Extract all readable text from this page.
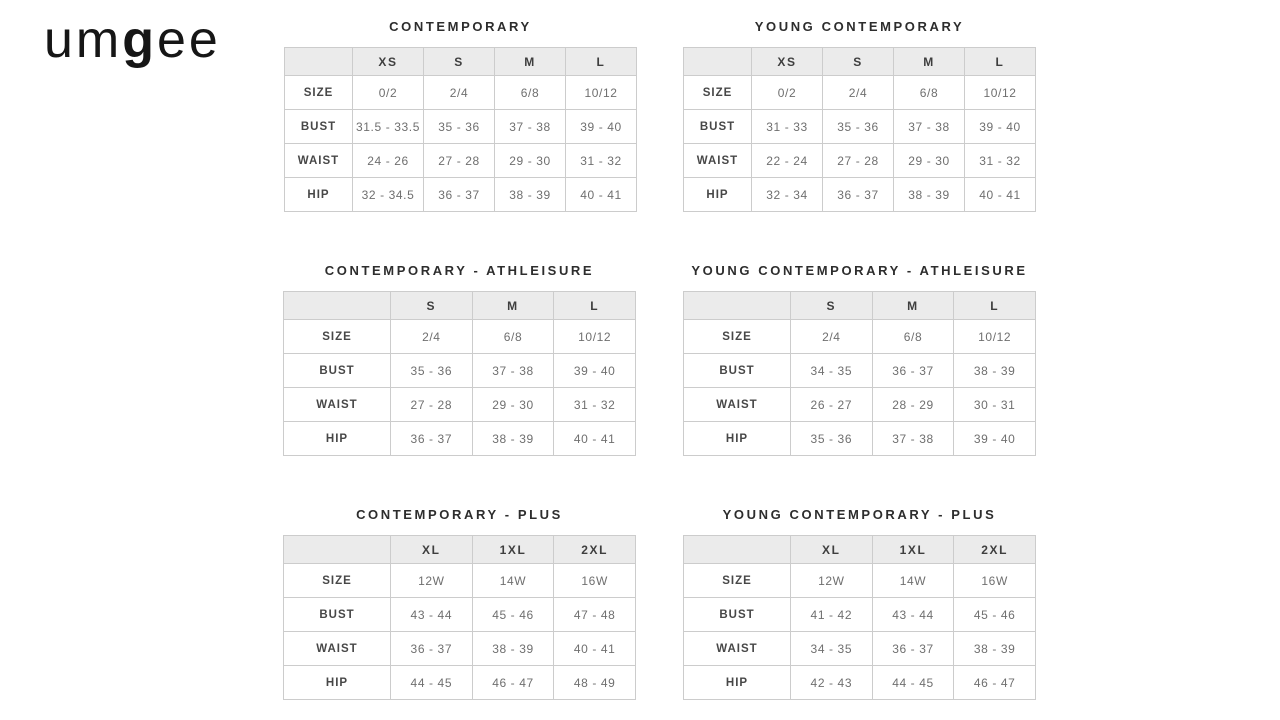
umgee	CONTEMPORARY
	XS	S	M	L
SIZE	0/2	2/4	6/8	10/12
BUST	31.5 - 33.5	35 - 36	37 - 38	39 - 40
WAIST	24 - 26	27 - 28	29 - 30	31 - 32
HIP	32 - 34.5	36 - 37	38 - 39	40 - 41
YOUNG CONTEMPORARY
	XS	S	M	L
SIZE	0/2	2/4	6/8	10/12
BUST	31 - 33	35 - 36	37 - 38	39 - 40
WAIST	22 - 24	27 - 28	29 - 30	31 - 32
HIP	32 - 34	36 - 37	38 - 39	40 - 41
CONTEMPORARY - ATHLEISURE
	S	M	L
SIZE	2/4	6/8	10/12
BUST	35 - 36	37 - 38	39 - 40
WAIST	27 - 28	29 - 30	31 - 32
HIP	36 - 37	38 - 39	40 - 41
YOUNG CONTEMPORARY - ATHLEISURE
	S	M	L
SIZE	2/4	6/8	10/12
BUST	34 - 35	36 - 37	38 - 39
WAIST	26 - 27	28 - 29	30 - 31
HIP	35 - 36	37 - 38	39 - 40
CONTEMPORARY - PLUS
	XL	1XL	2XL
SIZE	12W	14W	16W
BUST	43 - 44	45 - 46	47 - 48
WAIST	36 - 37	38 - 39	40 - 41
HIP	44 - 45	46 - 47	48 - 49
YOUNG CONTEMPORARY - PLUS
	XL	1XL	2XL
SIZE	12W	14W	16W
BUST	41 - 42	43 - 44	45 - 46
WAIST	34 - 35	36 - 37	38 - 39
HIP	42 - 43	44 - 45	46 - 47
